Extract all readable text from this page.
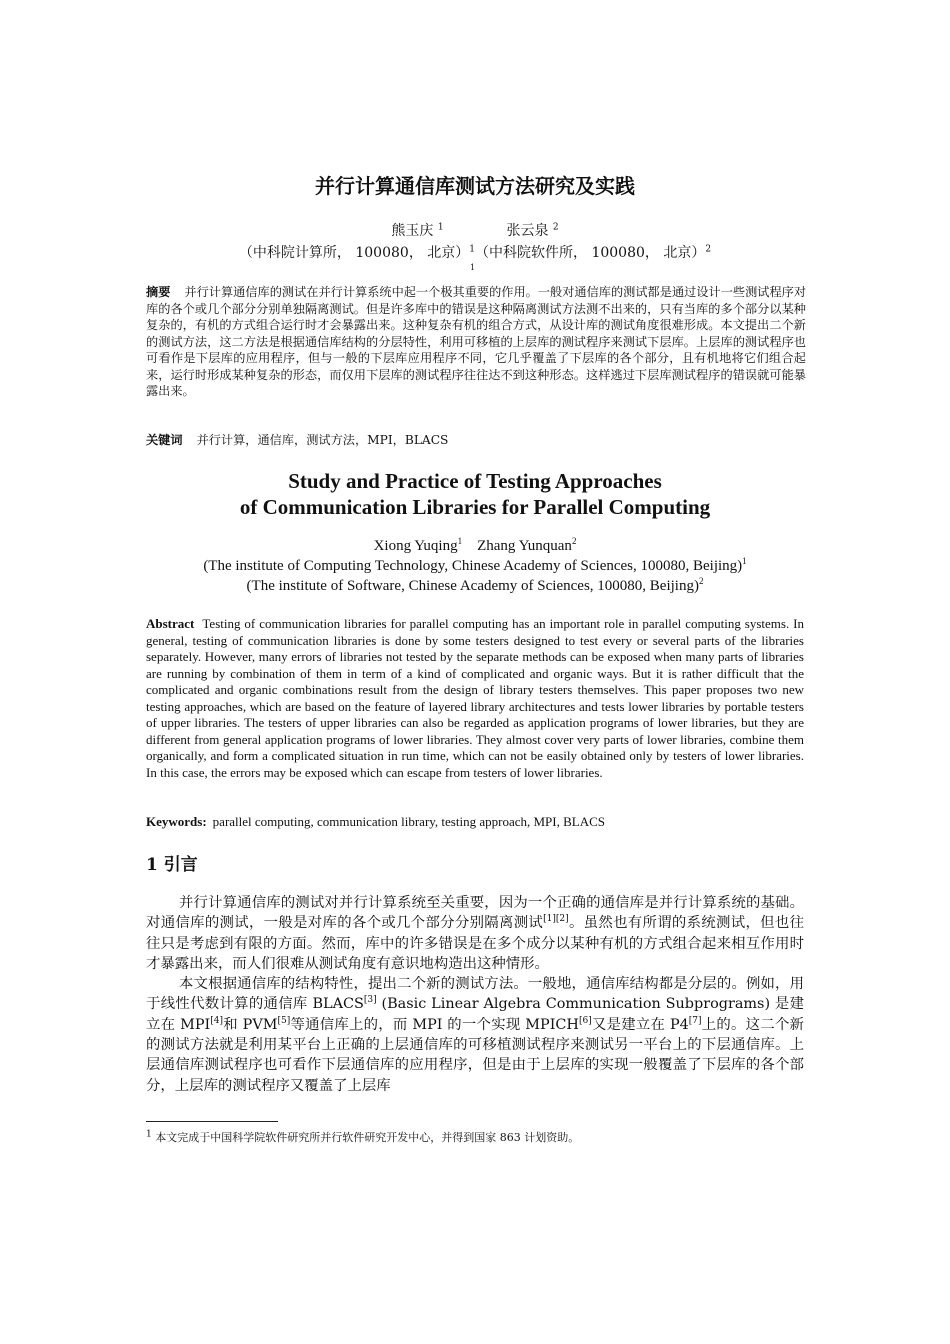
并行计算通信库测试方法研究及实践
熊玉庆 $^1$	张云泉 $^2$
（中科院计算所， 100080， 北京）$^1$（中科院软件所， 100080， 北京）$^2$
1
摘要 并行计算通信库的测试在并行计算系统中起一个极其重要的作用。一般对通信库的测试都是通过设计一些测试程序对库的各个或几个部分分别单独隔离测试。但是许多库中的错误是这种隔离测试方法测不出来的，只有当库的多个部分以某种复杂的，有机的方式组合运行时才会暴露出来。这种复杂有机的组合方式，从设计库的测试角度很难形成。本文提出二个新的测试方法，这二方法是根据通信库结构的分层特性，利用可移植的上层库的测试程序来测试下层库。上层库的测试程序也可看作是下层库的应用程序，但与一般的下层库应用程序不同，它几乎覆盖了下层库的各个部分，且有机地将它们组合起来，运行时形成某种复杂的形态，而仅用下层库的测试程序往往达不到这种形态。这样逃过下层库测试程序的错误就可能暴露出来。
关键词 并行计算，通信库，测试方法，MPI，BLACS
Study and Practice of Testing Approaches
of Communication Libraries for Parallel Computing
Xiong Yuqing$^1$ Zhang Yunquan$^2$
(The institute of Computing Technology, Chinese Academy of Sciences, 100080, Beijing)$^1$
(The institute of Software, Chinese Academy of Sciences, 100080, Beijing)$^2$
Abstract Testing of communication libraries for parallel computing has an important role in parallel computing systems. In general, testing of communication libraries is done by some testers designed to test every or several parts of the libraries separately. However, many errors of libraries not tested by the separate methods can be exposed when many parts of libraries are running by combination of them in term of a kind of complicated and organic ways. But it is rather difficult that the complicated and organic combinations result from the design of library testers themselves. This paper proposes two new testing approaches, which are based on the feature of layered library architectures and tests lower libraries by portable testers of upper libraries. The testers of upper libraries can also be regarded as application programs of lower libraries, but they are different from general application programs of lower libraries. They almost cover very parts of lower libraries, combine them organically, and form a complicated situation in run time, which can not be easily obtained only by testers of lower libraries. In this case, the errors may be exposed which can escape from testers of lower libraries.
Keywords: parallel computing, communication library, testing approach, MPI, BLACS
1 引言

并行计算通信库的测试对并行计算系统至关重要，因为一个正确的通信库是并行计算系统的基础。对通信库的测试，一般是对库的各个或几个部分分别隔离测试[1][2]。虽然也有所谓的系统测试，但也往往只是考虑到有限的方面。然而，库中的许多错误是在多个成分以某种有机的方式组合起来相互作用时才暴露出来，而人们很难从测试角度有意识地构造出这种情形。

本文根据通信库的结构特性，提出二个新的测试方法。一般地，通信库结构都是分层的。例如，用于线性代数计算的通信库 BLACS[3] (Basic Linear Algebra Communication Subprograms) 是建立在 MPI[4]和 PVM[5]等通信库上的，而 MPI 的一个实现 MPICH[6]又是建立在 P4[7]上的。这二个新的测试方法就是利用某平台上正确的上层通信库的可移植测试程序来测试另一平台上的下层通信库。上层通信库测试程序也可看作下层通信库的应用程序，但是由于上层库的实现一般覆盖了下层库的各个部分，上层库的测试程序又覆盖了上层库

$^1$ 本文完成于中国科学院软件研究所并行软件研究开发中心，并得到国家 863 计划资助。
